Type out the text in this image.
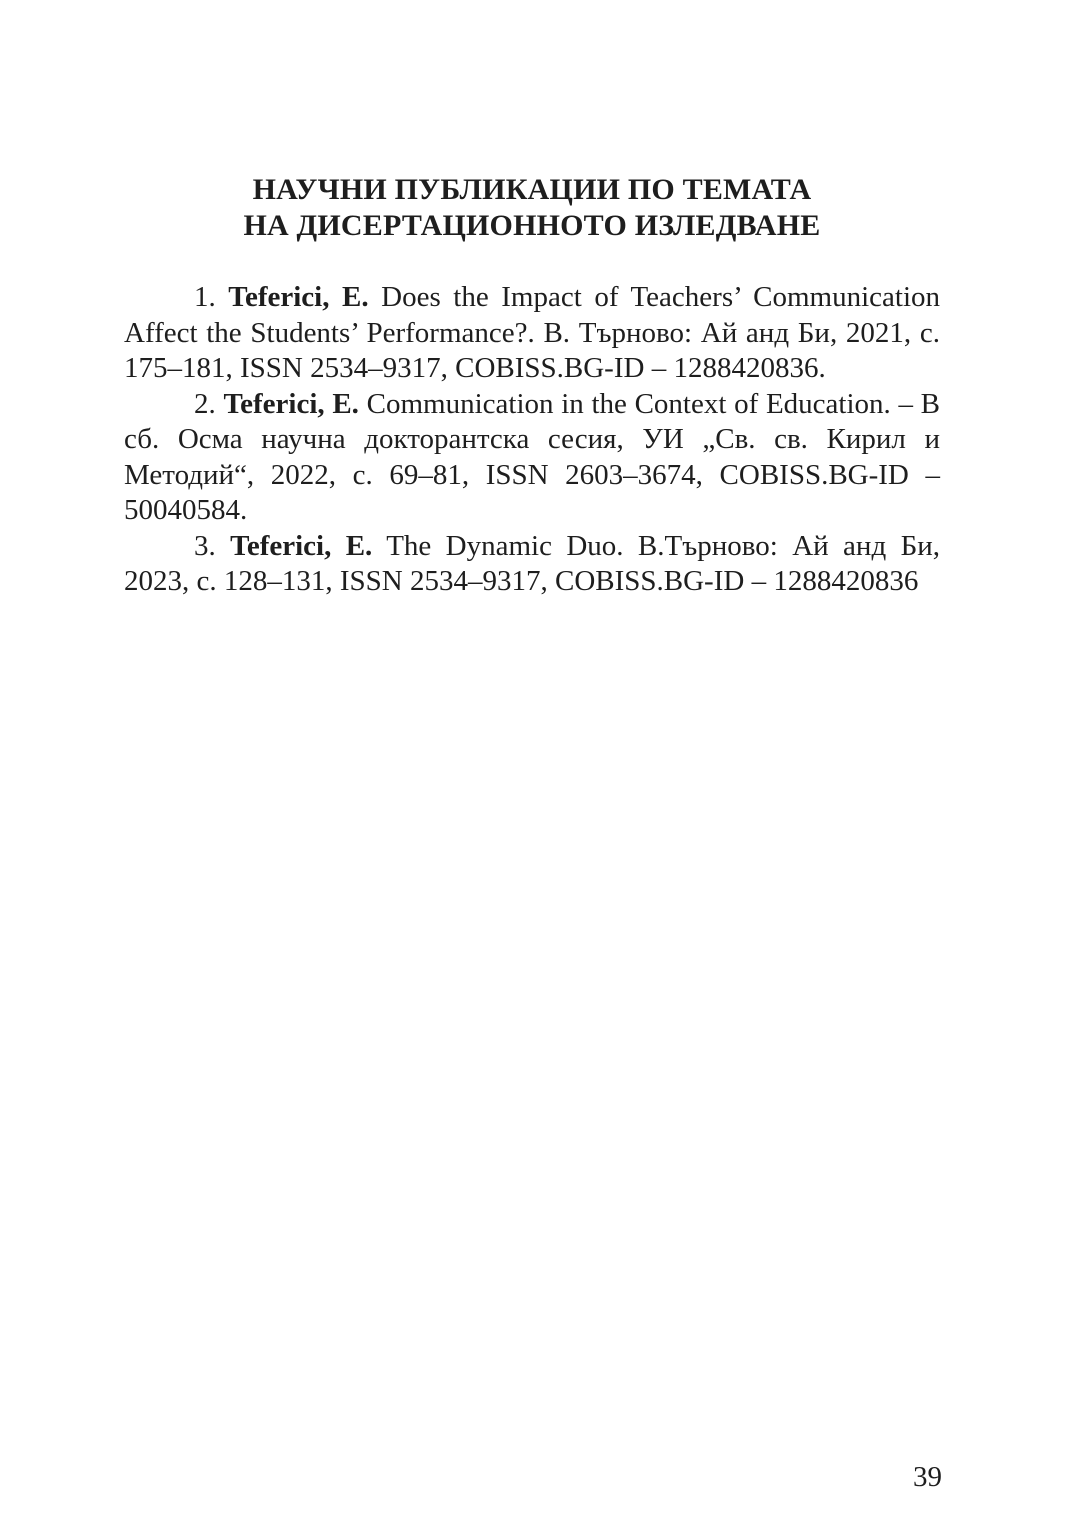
НАУЧНИ ПУБЛИКАЦИИ ПО ТЕМАТА
НА ДИСЕРТАЦИОННОТО ИЗЛЕДВАНЕ

1. Teferici, E. Does the Impact of Teachers’ Communication Affect the Students’ Performance?. В. Търново: Ай анд Би, 2021, с. 175–181, ISSN 2534–9317, COBISS.BG-ID – 1288420836.

2. Teferici, E. Communication in the Context of Education. – В сб. Осма научна докторантска сесия, УИ „Св. св. Кирил и Методий“, 2022, с. 69–81, ISSN 2603–3674, COBISS.BG-ID – 50040584.

3. Teferici, E. The Dynamic Duo. В.Търново: Ай анд Би, 2023, с. 128–131, ISSN 2534–9317, COBISS.BG-ID – 1288420836

39
